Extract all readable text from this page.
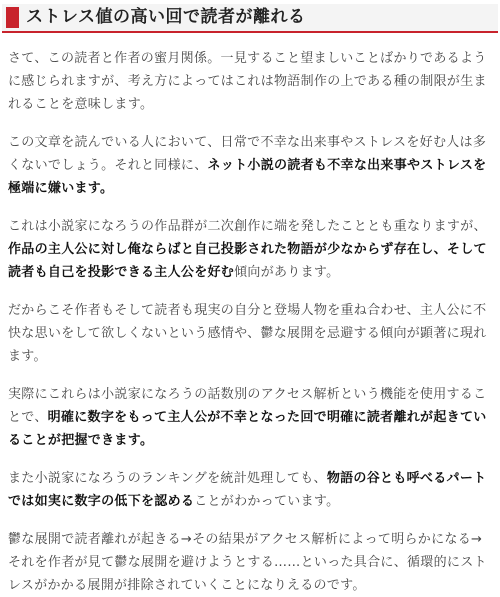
ストレス値の高い回で読者が離れる

さて、この読者と作者の蜜月関係。一見すること望ましいことばかりであるように感じられますが、考え方によってはこれは物語制作の上である種の制限が生まれることを意味します。

この文章を読んでいる人において、日常で不幸な出来事やストレスを好む人は多くないでしょう。それと同様に、ネット小説の読者も不幸な出来事やストレスを極端に嫌います。

これは小説家になろうの作品群が二次創作に端を発したこととも重なりますが、作品の主人公に対し俺ならばと自己投影された物語が少なからず存在し、そして読者も自己を投影できる主人公を好む傾向があります。

だからこそ作者もそして読者も現実の自分と登場人物を重ね合わせ、主人公に不快な思いをして欲しくないという感情や、鬱な展開を忌避する傾向が顕著に現れます。

実際にこれらは小説家になろうの話数別のアクセス解析という機能を使用することで、明確に数字をもって主人公が不幸となった回で明確に読者離れが起きていることが把握できます。

また小説家になろうのランキングを統計処理しても、物語の谷とも呼べるパートでは如実に数字の低下を認めることがわかっています。

鬱な展開で読者離れが起きる→その結果がアクセス解析によって明らかになる→それを作者が見て鬱な展開を避けようとする……といった具合に、循環的にストレスがかかる展開が排除されていくことになりえるのです。
